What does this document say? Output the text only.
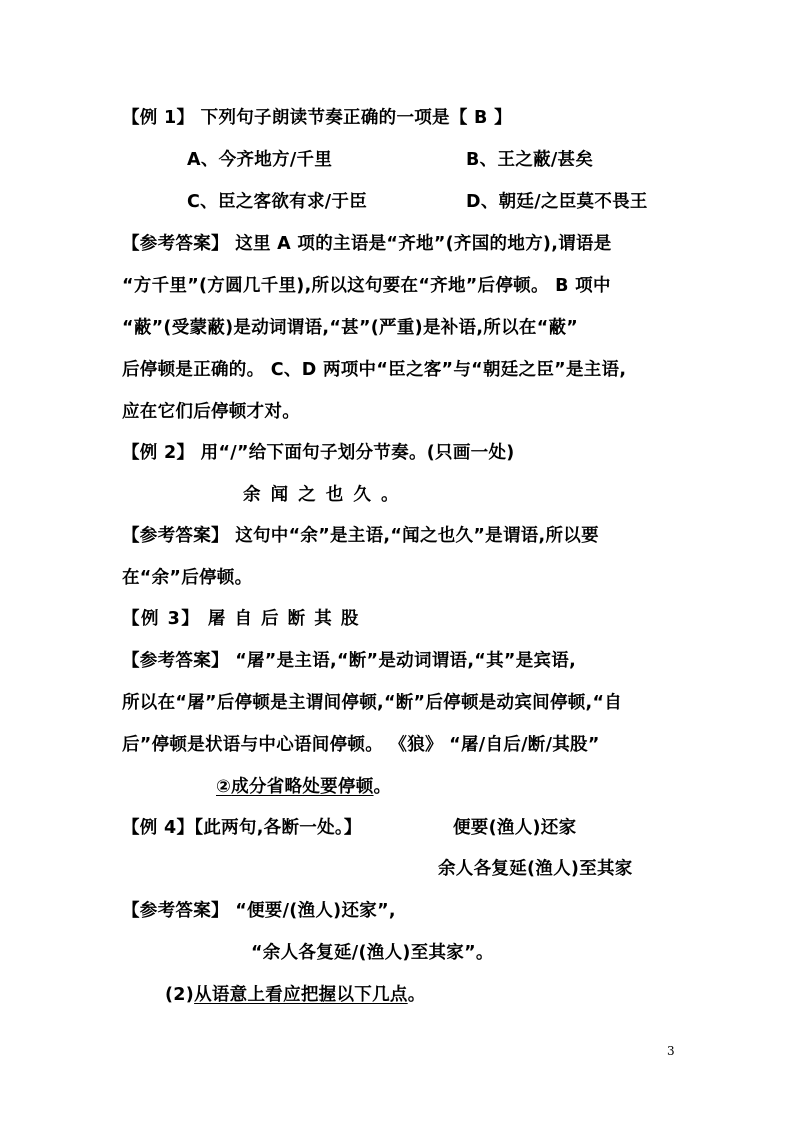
【例 1】 下列句子朗读节奏正确的一项是【 B 】
A、今齐地方/千里	B、王之蔽/甚矣
C、臣之客欲有求/于臣	D、朝廷/之臣莫不畏王
【参考答案】 这里 A 项的主语是“齐地”(齐国的地方),谓语是
“方千里”(方圆几千里),所以这句要在“齐地”后停顿。 B 项中
“蔽”(受蒙蔽)是动词谓语,“甚”(严重)是补语,所以在“蔽”
后停顿是正确的。 C、D 两项中“臣之客”与“朝廷之臣”是主语,
应在它们后停顿才对。
【例 2】 用“/”给下面句子划分节奏。(只画一处)
余 闻 之 也 久 。
【参考答案】 这句中“余”是主语,“闻之也久”是谓语,所以要
在“余”后停顿。
【例 3】 屠 自 后 断 其 股
【参考答案】 “屠”是主语,“断”是动词谓语,“其”是宾语,
所以在“屠”后停顿是主谓间停顿,“断”后停顿是动宾间停顿,“自
后”停顿是状语与中心语间停顿。 《狼》 “屠/自后/断/其股”
②成分省略处要停顿。
【例 4】【此两句,各断一处。】	便要(渔人)还家
余人各复延(渔人)至其家
【参考答案】 “便要/(渔人)还家”,
“余人各复延/(渔人)至其家”。
(2)从语意上看应把握以下几点。
3
